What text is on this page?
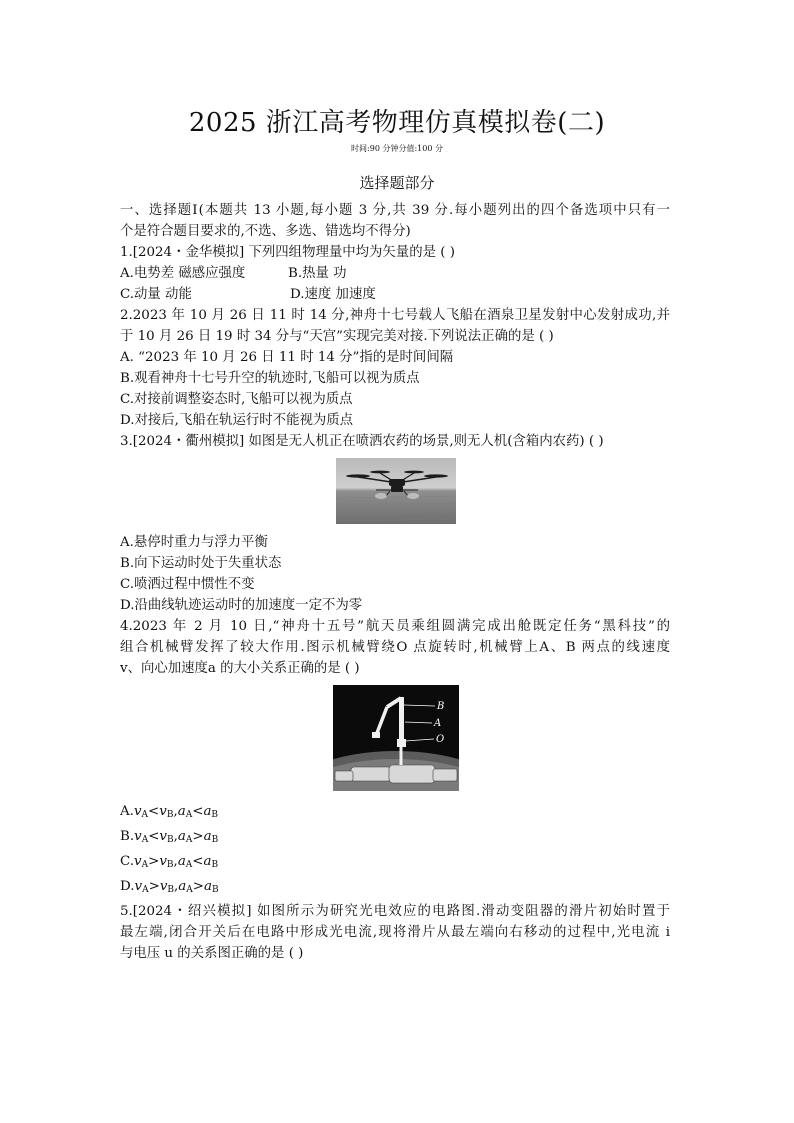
2025 浙江高考物理仿真模拟卷(二)

时间:90 分钟分值:100 分

选择题部分
一、选择题Ⅰ(本题共 13 小题,每小题 3 分,共 39 分.每小题列出的四个备选项中只有一
个是符合题目要求的,不选、多选、错选均不得分)
1.[2024・金华模拟] 下列四组物理量中均为矢量的是 ( )
A.电势差 磁感应强度	B.热量 功
C.动量 动能	D.速度 加速度
2.2023 年 10 月 26 日 11 时 14 分,神舟十七号载人飞船在酒泉卫星发射中心发射成功,并
于 10 月 26 日 19 时 34 分与“天宫”实现完美对接.下列说法正确的是 ( )
A. “2023 年 10 月 26 日 11 时 14 分”指的是时间间隔
B.观看神舟十七号升空的轨迹时,飞船可以视为质点
C.对接前调整姿态时,飞船可以视为质点
D.对接后,飞船在轨运行时不能视为质点
3.[2024・衢州模拟] 如图是无人机正在喷洒农药的场景,则无人机(含箱内农药) ( )
A.悬停时重力与浮力平衡
B.向下运动时处于失重状态
C.喷洒过程中惯性不变
D.沿曲线轨迹运动时的加速度一定不为零
4.2023 年 2 月 10 日,“神舟十五号”航天员乘组圆满完成出舱既定任务“黑科技”的
组合机械臂发挥了较大作用.图示机械臂绕O 点旋转时,机械臂上A、B 两点的线速度
v、向心加速度a 的大小关系正确的是 ( )
B
A
O
$A.v_A<v_B,a_A<a_B$
$B.v_A<v_B,a_A>a_B$
$C.v_A>v_B,a_A<a_B$
$D.v_A>v_B,a_A>a_B$
5.[2024・绍兴模拟] 如图所示为研究光电效应的电路图.滑动变阻器的滑片初始时置于
最左端,闭合开关后在电路中形成光电流,现将滑片从最左端向右移动的过程中,光电流 i
与电压 u 的关系图正确的是 ( )
